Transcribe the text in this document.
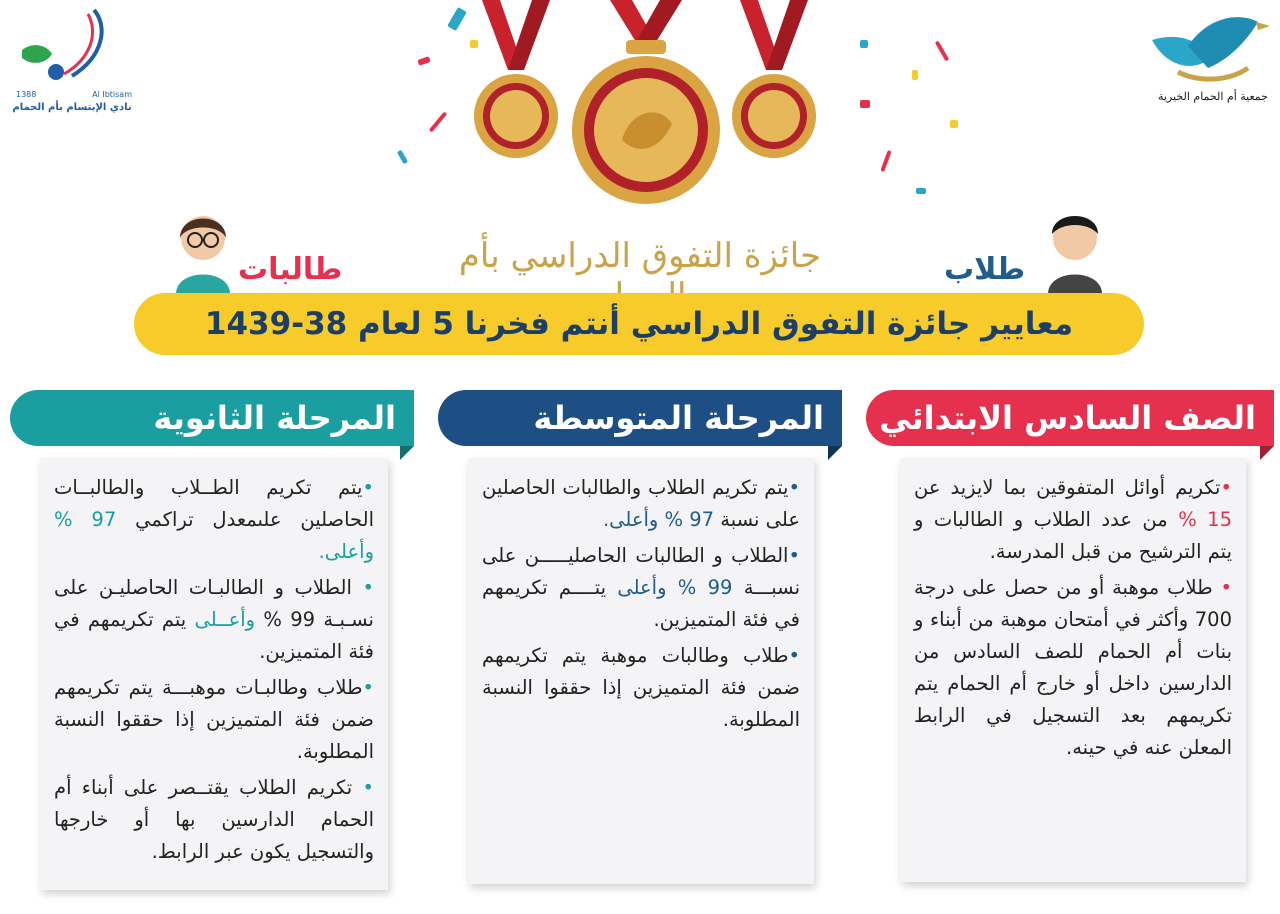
1388	Al Ibtisam
نادي الإبتسام بأم الحمام
جمعية أم الحمام الخيرية
جائزة التفوق الدراسي بأم
طالبات	طلاب
معايير جائزة التفوق الدراسي أنتم فخرنا 5 لعام 38-1439
المرحلة الثانوية

•يتم تكريم الطــلاب والطالبــات الحاصلين علىمعدل تراكمي 97 % وأعلى.

• الطلاب و الطالبـات الحاصليـن على نسـبـة 99 % وأعــلى يتم تكريمهم في فئة المتميزين.

•طلاب وطالبـات موهبـــة يتم تكريمهم ضمن فئة المتميزين إذا حققوا النسبة المطلوبة.

• تكريم الطلاب يقتــصر على أبناء أم الحمام الدارسين بها أو خارجها والتسجيل يكون عبر الرابط.

المرحلة المتوسطة

•يتم تكريم الطلاب والطالبات الحاصلين على نسبة 97 % وأعلى.

•الطلاب و الطالبات الحاصليـــــن على نسبـــة 99 % وأعلى يتــــم تكريمهم في فئة المتميزين.

•طلاب وطالبات موهبة يتم تكريمهم ضمن فئة المتميزين إذا حققوا النسبة المطلوبة.

الصف السادس الابتدائي

•تكريم أوائل المتفوقين بما لايزيد عن 15 % من عدد الطلاب و الطالبات و يتم الترشيح من قبل المدرسة.

• طلاب موهبة أو من حصل على درجة 700 وأكثر في أمتحان موهبة من أبناء و بنات أم الحمام للصف السادس من الدارسين داخل أو خارج أم الحمام يتم تكريمهم بعد التسجيل في الرابط المعلن عنه في حينه.
